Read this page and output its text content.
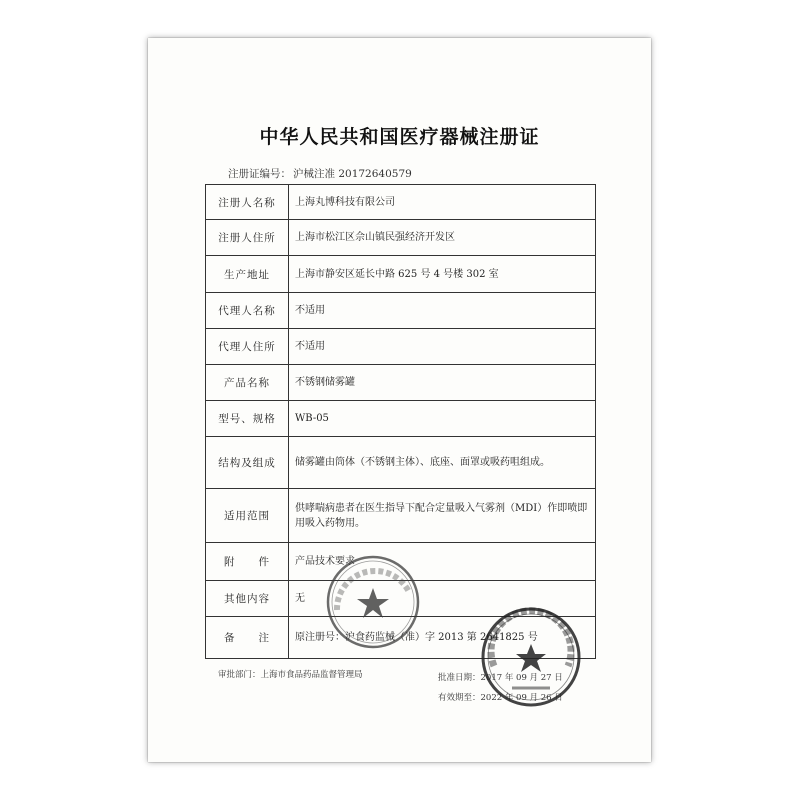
中华人民共和国医疗器械注册证
注册证编号： 沪械注准 20172640579
注册人名称	上海丸博科技有限公司
注册人住所	上海市松江区佘山镇民强经济开发区
生产地址	上海市静安区延长中路 625 号 4 号楼 302 室
代理人名称	不适用
代理人住所	不适用
产品名称	不锈钢储雾罐
型号、规格	WB-05
结构及组成	储雾罐由筒体（不锈钢主体）、底座、面罩或吸药咀组成。
适用范围	供哮喘病患者在医生指导下配合定量吸入气雾剂（MDI）作即喷即用吸入药物用。
附　　件	产品技术要求
其他内容	无
备　　注	原注册号：沪食药监械（准）字 2013 第 2641825 号
审批部门：上海市食品药品监督管理局	批准日期：2017 年 09 月 27 日
有效期至：2022 年 09 月 26 日
